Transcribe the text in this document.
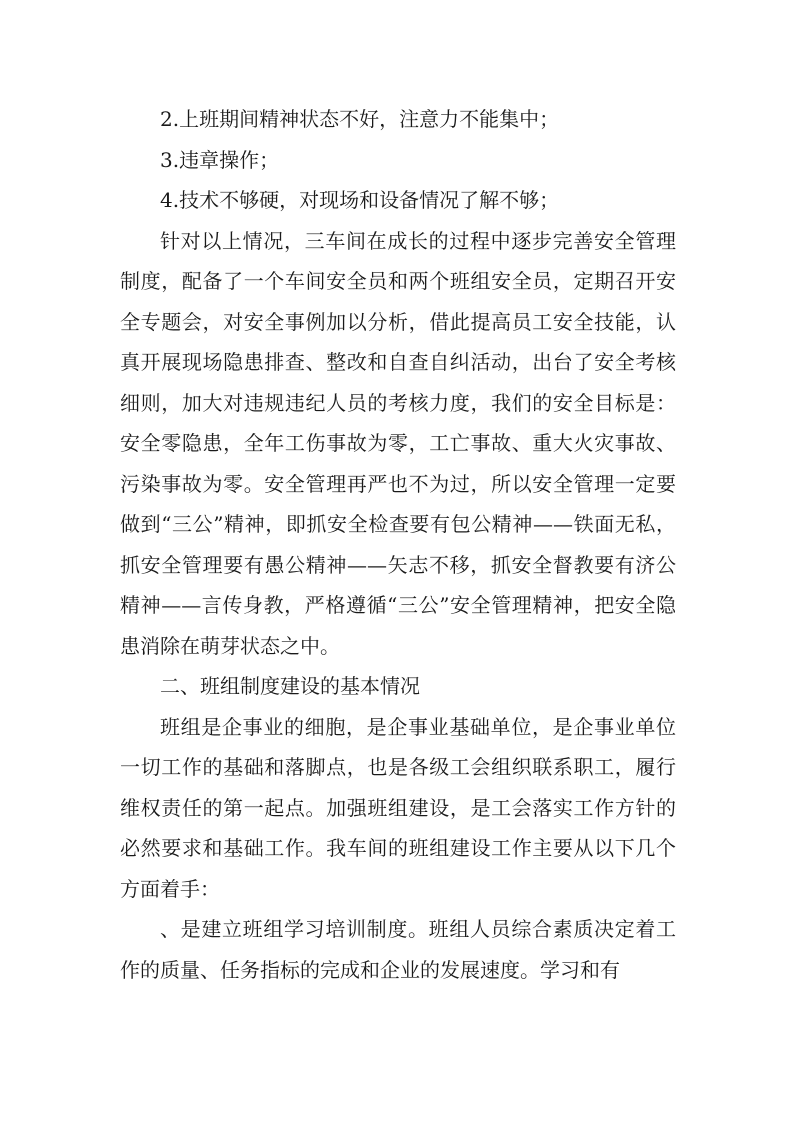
2.上班期间精神状态不好，注意力不能集中；

3.违章操作；

4.技术不够硬，对现场和设备情况了解不够；

针对以上情况，三车间在成长的过程中逐步完善安全管理制度，配备了一个车间安全员和两个班组安全员，定期召开安全专题会，对安全事例加以分析，借此提高员工安全技能，认真开展现场隐患排查、整改和自查自纠活动，出台了安全考核细则，加大对违规违纪人员的考核力度，我们的安全目标是：安全零隐患，全年工伤事故为零，工亡事故、重大火灾事故、污染事故为零。安全管理再严也不为过，所以安全管理一定要做到“三公”精神，即抓安全检查要有包公精神——铁面无私，抓安全管理要有愚公精神——矢志不移，抓安全督教要有济公精神——言传身教，严格遵循“三公”安全管理精神，把安全隐患消除在萌芽状态之中。

二、班组制度建设的基本情况

班组是企事业的细胞，是企事业基础单位，是企事业单位一切工作的基础和落脚点，也是各级工会组织联系职工，履行维权责任的第一起点。加强班组建设，是工会落实工作方针的必然要求和基础工作。我车间的班组建设工作主要从以下几个方面着手：

、是建立班组学习培训制度。班组人员综合素质决定着工作的质量、任务指标的完成和企业的发展速度。学习和有
